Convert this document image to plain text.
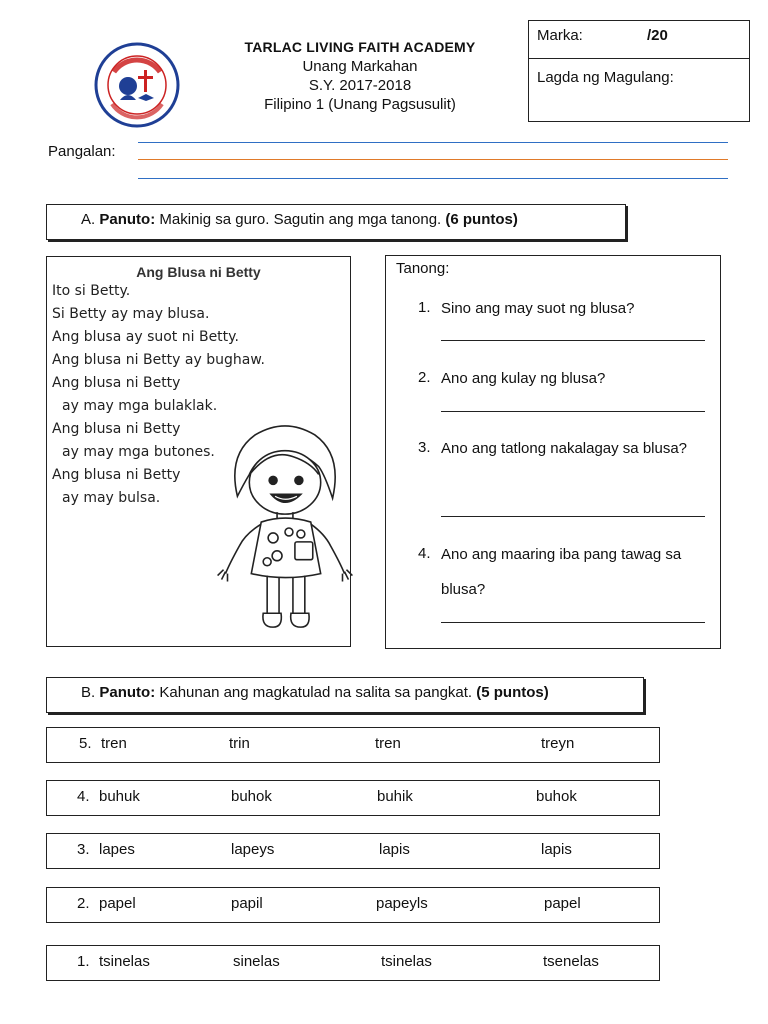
TARLAC LIVING FAITH ACADEMY
Unang Markahan
S.Y. 2017-2018
Filipino 1 (Unang Pagsusulit)
Marka:	/20
Lagda ng Magulang:
Pangalan:
A. Panuto: Makinig sa guro. Sagutin ang mga tanong. (6 puntos)
Ang Blusa ni Betty
Ito si Betty.
Si Betty ay may blusa.
Ang blusa ay suot ni Betty.
Ang blusa ni Betty ay bughaw.
Ang blusa ni Betty
ay may mga bulaklak.
Ang blusa ni Betty
ay may mga butones.
Ang blusa ni Betty
ay may bulsa.
Tanong:
1. Sino ang may suot ng blusa?
2. Ano ang kulay ng blusa?
3. Ano ang tatlong nakalagay sa blusa?
4. Ano ang maaring iba pang tawag sa blusa?
B. Panuto: Kahunan ang magkatulad na salita sa pangkat. (5 puntos)
5. tren	trin	tren	treyn
4. buhuk	buhok	buhik	buhok
3. lapes	lapeys	lapis	lapis
2. papel	papil	papeyls	papel
1. tsinelas	sinelas	tsinelas	tsenelas
